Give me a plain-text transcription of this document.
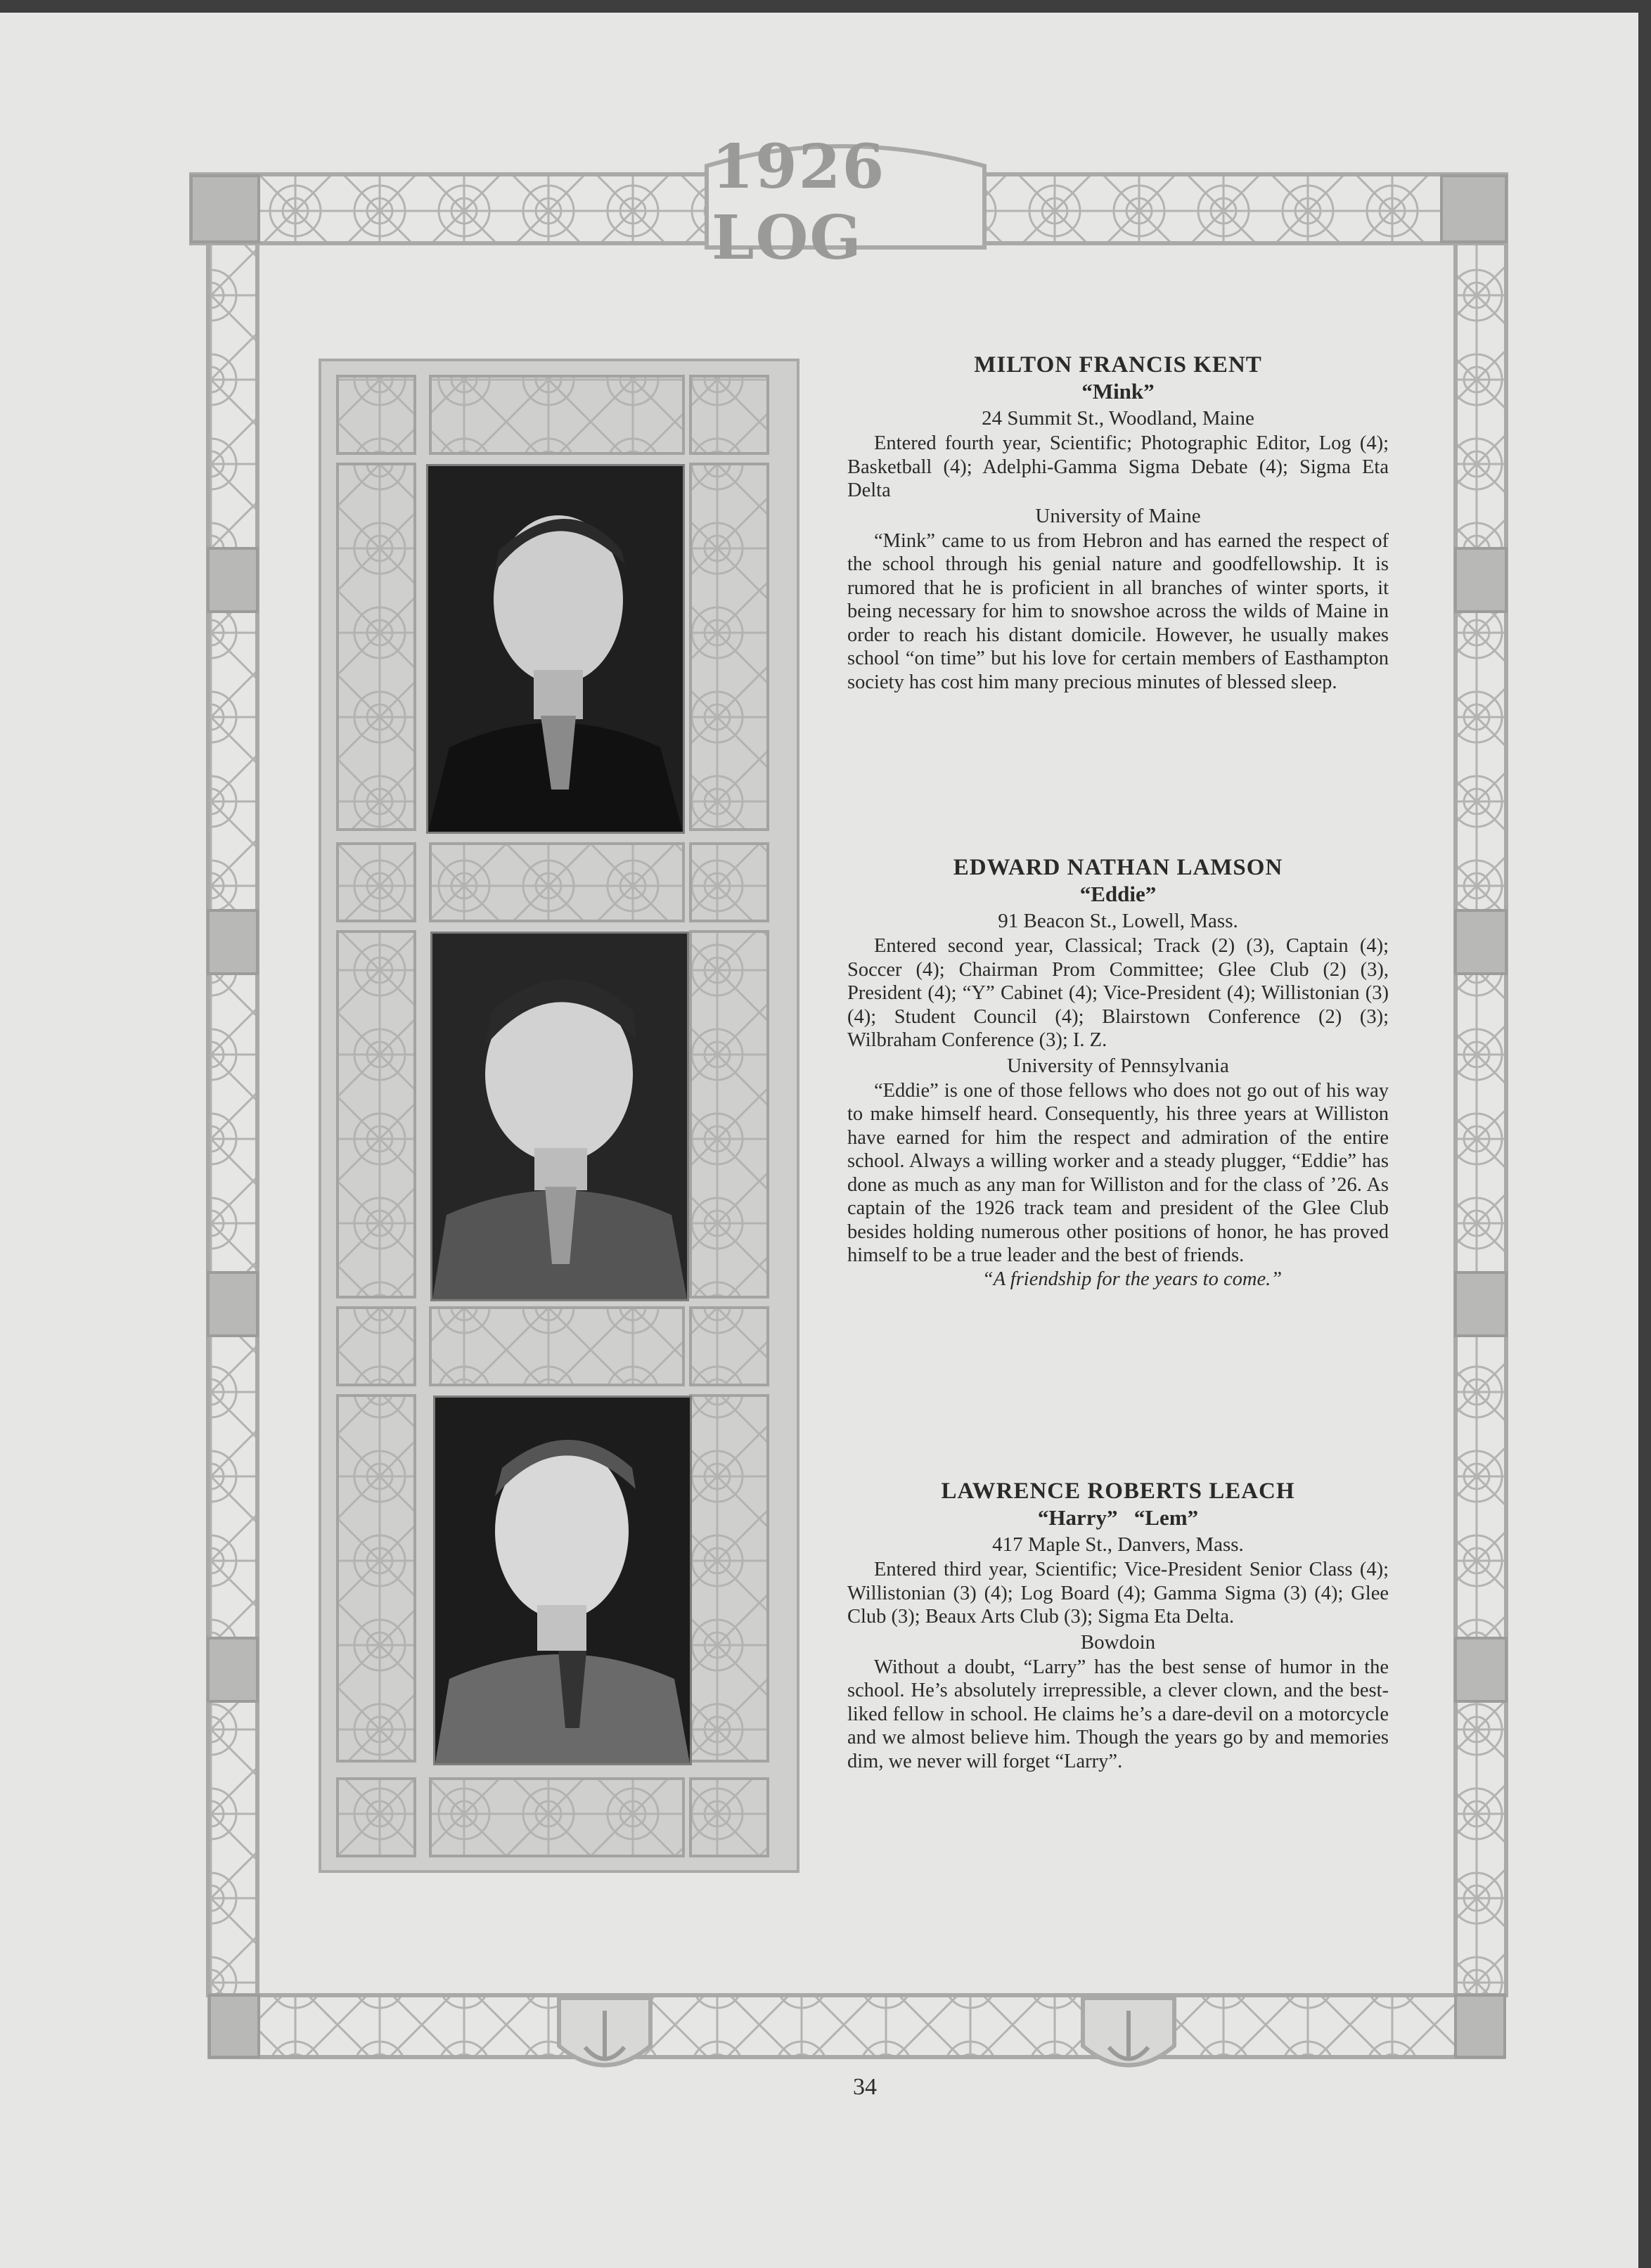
1926 LOG
MILTON FRANCIS KENT
“Mink”
24 Summit St., Woodland, Maine

Entered fourth year, Scientific; Photographic Editor, Log (4); Basketball (4); Adelphi-Gamma Sigma Debate (4); Sigma Eta Delta

University of Maine

“Mink” came to us from Hebron and has earned the respect of the school through his genial nature and goodfellowship. It is rumored that he is proficient in all branches of winter sports, it being necessary for him to snowshoe across the wilds of Maine in order to reach his distant domicile. However, he usually makes school “on time” but his love for certain members of Easthampton society has cost him many precious minutes of blessed sleep.

EDWARD NATHAN LAMSON
“Eddie”
91 Beacon St., Lowell, Mass.

Entered second year, Classical; Track (2) (3), Captain (4); Soccer (4); Chairman Prom Committee; Glee Club (2) (3), President (4); “Y” Cabinet (4); Vice-President (4); Willistonian (3) (4); Student Council (4); Blairstown Conference (2) (3); Wilbraham Conference (3); I. Z.

University of Pennsylvania

“Eddie” is one of those fellows who does not go out of his way to make himself heard. Consequently, his three years at Williston have earned for him the respect and admiration of the entire school. Always a willing worker and a steady plugger, “Eddie” has done as much as any man for Williston and for the class of ’26. As captain of the 1926 track team and president of the Glee Club besides holding numerous other positions of honor, he has proved himself to be a true leader and the best of friends.

“A friendship for the years to come.”
LAWRENCE ROBERTS LEACH
“Harry”   “Lem”
417 Maple St., Danvers, Mass.

Entered third year, Scientific; Vice-President Senior Class (4); Willistonian (3) (4); Log Board (4); Gamma Sigma (3) (4); Glee Club (3); Beaux Arts Club (3); Sigma Eta Delta.

Bowdoin

Without a doubt, “Larry” has the best sense of humor in the school. He’s absolutely irrepressible, a clever clown, and the best-liked fellow in school. He claims he’s a dare-devil on a motorcycle and we almost believe him. Though the years go by and memories dim, we never will forget “Larry”.

34
